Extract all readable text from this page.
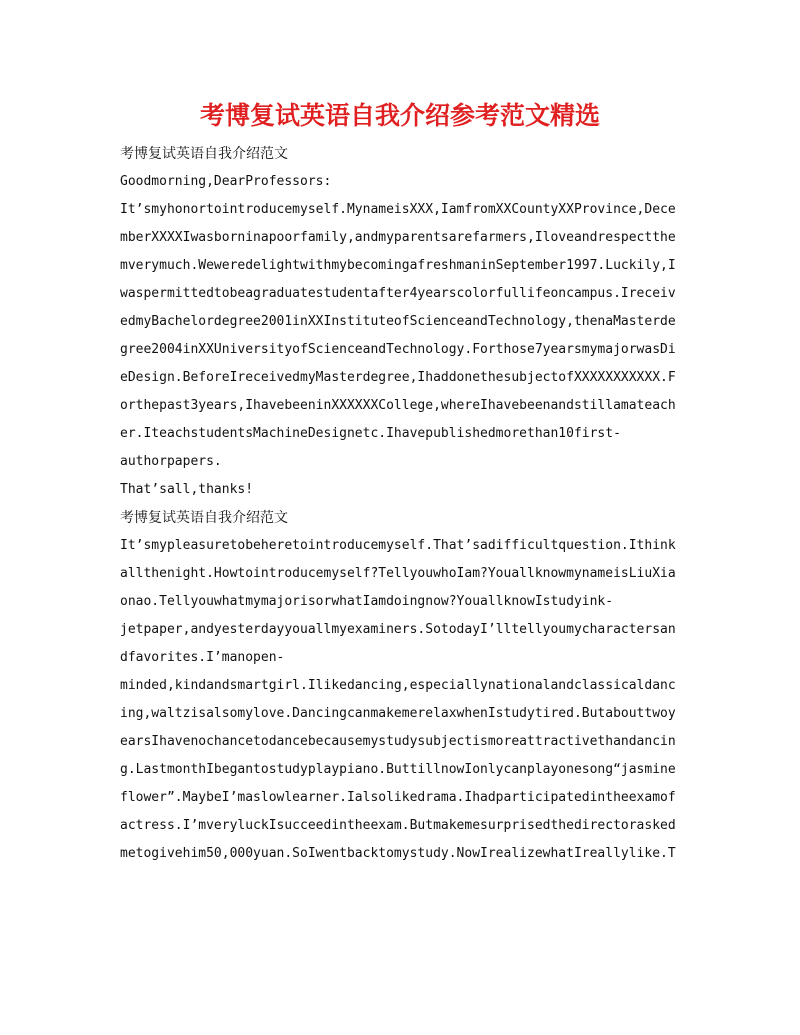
考博复试英语自我介绍参考范文精选
考博复试英语自我介绍范文
Goodmorning,DearProfessors:
It’smyhonortointroducemyself.MynameisXXX,IamfromXXCountyXXProvince,Dece
mberXXXXIwasborninapoorfamily,andmyparentsarefarmers,Iloveandrespectthe
mverymuch.WeweredelightwithmybecomingafreshmaninSeptember1997.Luckily,I
waspermittedtobeagraduatestudentafter4yearscolorfullifeoncampus.Ireceiv
edmyBachelordegree2001inXXInstituteofScienceandTechnology,thenaMasterde
gree2004inXXUniversityofScienceandTechnology.Forthose7yearsmymajorwasDi
eDesign.BeforeIreceivedmyMasterdegree,IhaddonethesubjectofXXXXXXXXXXX.F
orthepast3years,IhavebeeninXXXXXXCollege,whereIhavebeenandstillamateach
er.IteachstudentsMachineDesignetc.Ihavepublishedmorethan10first-
authorpapers.
That’sall,thanks!
考博复试英语自我介绍范文
It’smypleasuretobeheretointroducemyself.That’sadifficultquestion.Ithink
allthenight.Howtointroducemyself?TellyouwhoIam?YouallknowmynameisLiuXia
onao.TellyouwhatmymajorisorwhatIamdoingnow?YouallknowIstudyink-
jetpaper,andyesterdayyouallmyexaminers.SotodayI’lltellyoumycharactersan
dfavorites.I’manopen-
minded,kindandsmartgirl.Ilikedancing,especiallynationalandclassicaldanc
ing,waltzisalsomylove.DancingcanmakemerelaxwhenIstudytired.Butabouttwoy
earsIhavenochancetodancebecausemystudysubjectismoreattractivethandancin
g.LastmonthIbegantostudyplaypiano.ButtillnowIonlycanplayonesong“jasmine
flower”.MaybeI’maslowlearner.Ialsolikedrama.Ihadparticipatedintheexamof
actress.I’mveryluckIsucceedintheexam.Butmakemesurprisedthedirectorasked
metogivehim50,000yuan.SoIwentbacktomystudy.NowIrealizewhatIreallylike.T
